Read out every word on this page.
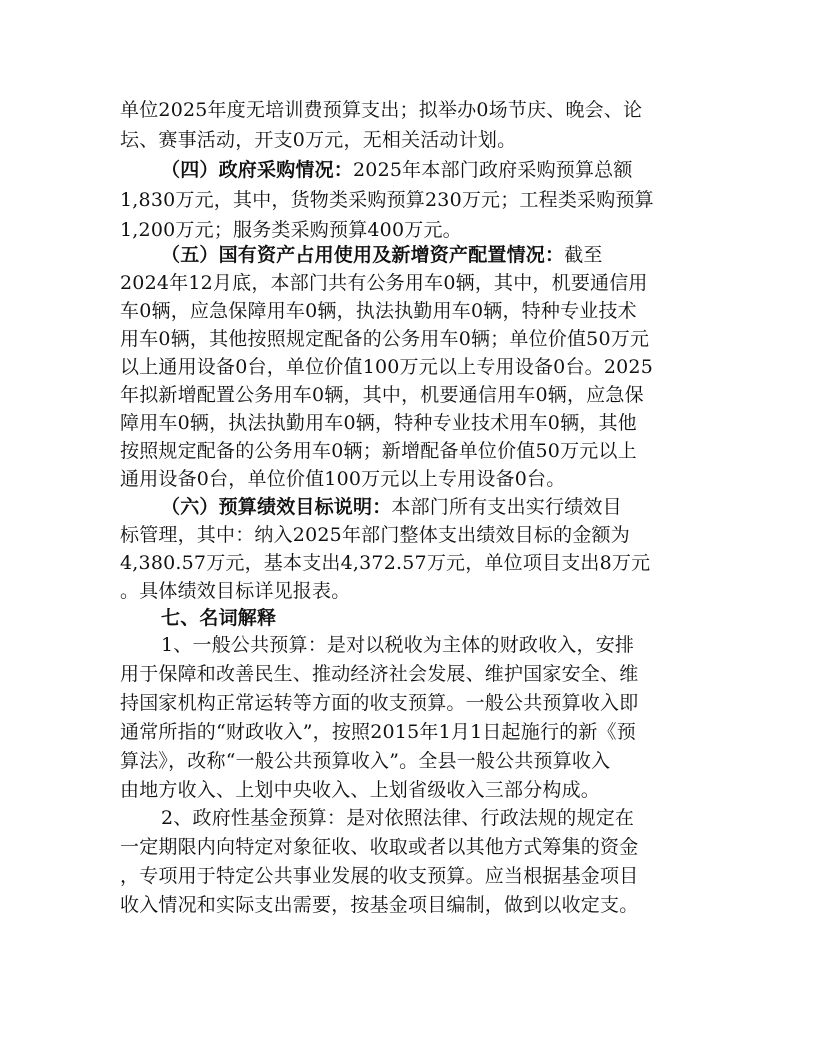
单位2025年度无培训费预算支出；拟举办0场节庆、晚会、论
坛、赛事活动，开支0万元，无相关活动计划。
（四）政府采购情况：2025年本部门政府采购预算总额
1,830万元，其中，货物类采购预算230万元；工程类采购预算
1,200万元；服务类采购预算400万元。
（五）国有资产占用使用及新增资产配置情况：截至
2024年12月底，本部门共有公务用车0辆，其中，机要通信用
车0辆，应急保障用车0辆，执法执勤用车0辆，特种专业技术
用车0辆，其他按照规定配备的公务用车0辆；单位价值50万元
以上通用设备0台，单位价值100万元以上专用设备0台。2025
年拟新增配置公务用车0辆，其中，机要通信用车0辆，应急保
障用车0辆，执法执勤用车0辆，特种专业技术用车0辆，其他
按照规定配备的公务用车0辆；新增配备单位价值50万元以上
通用设备0台，单位价值100万元以上专用设备0台。
（六）预算绩效目标说明：本部门所有支出实行绩效目
标管理，其中：纳入2025年部门整体支出绩效目标的金额为
4,380.57万元，基本支出4,372.57万元，单位项目支出8万元
。具体绩效目标详见报表。
七、名词解释
1、一般公共预算：是对以税收为主体的财政收入，安排
用于保障和改善民生、推动经济社会发展、维护国家安全、维
持国家机构正常运转等方面的收支预算。一般公共预算收入即
通常所指的“财政收入”，按照2015年1月1日起施行的新《预
算法》，改称“一般公共预算收入”。全县一般公共预算收入
由地方收入、上划中央收入、上划省级收入三部分构成。
2、政府性基金预算：是对依照法律、行政法规的规定在
一定期限内向特定对象征收、收取或者以其他方式筹集的资金
，专项用于特定公共事业发展的收支预算。应当根据基金项目
收入情况和实际支出需要，按基金项目编制，做到以收定支。
